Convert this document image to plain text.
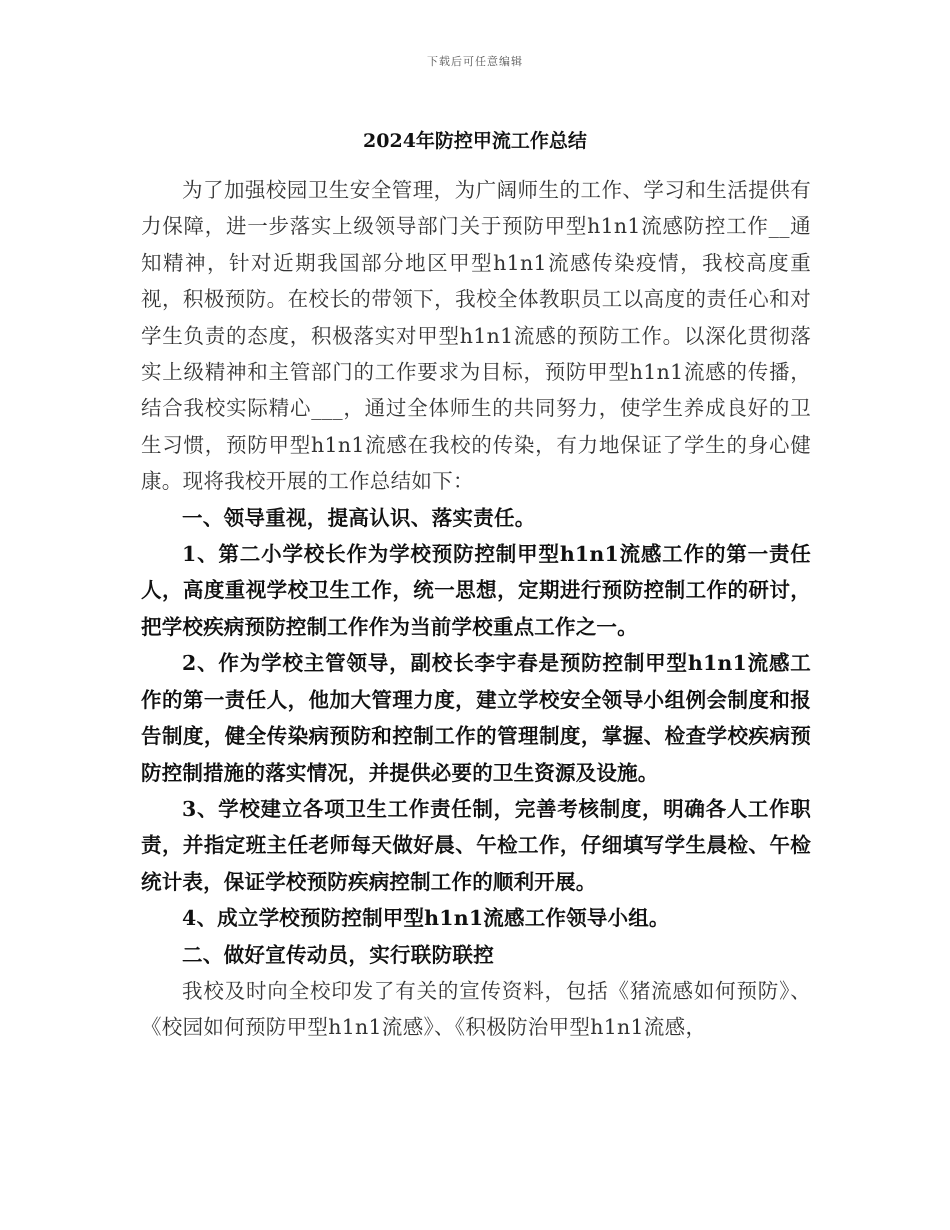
下载后可任意编辑
2024年防控甲流工作总结

为了加强校园卫生安全管理，为广阔师生的工作、学习和生活提供有力保障，进一步落实上级领导部门关于预防甲型h1n1流感防控工作__通知精神，针对近期我国部分地区甲型h1n1流感传染疫情，我校高度重视，积极预防。在校长的带领下，我校全体教职员工以高度的责任心和对学生负责的态度，积极落实对甲型h1n1流感的预防工作。以深化贯彻落实上级精神和主管部门的工作要求为目标，预防甲型h1n1流感的传播，结合我校实际精心___，通过全体师生的共同努力，使学生养成良好的卫生习惯，预防甲型h1n1流感在我校的传染，有力地保证了学生的身心健康。现将我校开展的工作总结如下：

一、领导重视，提高认识、落实责任。

1、第二小学校长作为学校预防控制甲型h1n1流感工作的第一责任人，高度重视学校卫生工作，统一思想，定期进行预防控制工作的研讨，把学校疾病预防控制工作作为当前学校重点工作之一。

2、作为学校主管领导，副校长李宇春是预防控制甲型h1n1流感工作的第一责任人，他加大管理力度，建立学校安全领导小组例会制度和报告制度，健全传染病预防和控制工作的管理制度，掌握、检查学校疾病预防控制措施的落实情况，并提供必要的卫生资源及设施。

3、学校建立各项卫生工作责任制，完善考核制度，明确各人工作职责，并指定班主任老师每天做好晨、午检工作，仔细填写学生晨检、午检统计表，保证学校预防疾病控制工作的顺利开展。

4、成立学校预防控制甲型h1n1流感工作领导小组。

二、做好宣传动员，实行联防联控

我校及时向全校印发了有关的宣传资料，包括《猪流感如何预防》、《校园如何预防甲型h1n1流感》、《积极防治甲型h1n1流感，
